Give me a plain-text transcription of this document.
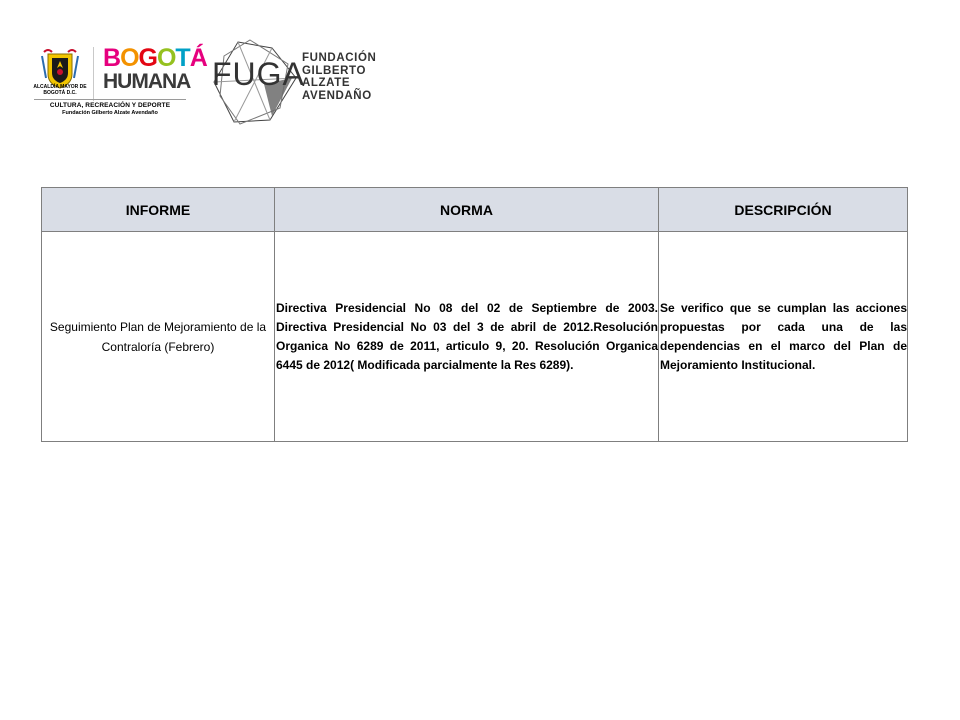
ALCALDÍA MAYOR DE BOGOTÁ D.C.
BOGOTÁ
HUMANA
CULTURA, RECREACIÓN Y DEPORTE
Fundación Gilberto Alzate Avendaño
FUGA
FUNDACIÓN
GILBERTO
ALZATE
AVENDAÑO
INFORME	NORMA	DESCRIPCIÓN

Seguimiento Plan de Mejoramiento de la Contraloría (Febrero)	Directiva Presidencial No 08 del 02 de Septiembre de 2003. Directiva Presidencial No 03 del 3 de abril de 2012.Resolución Organica No 6289 de 2011, articulo 9, 20. Resolución Organica 6445 de 2012( Modificada parcialmente la Res 6289).	Se verifico que se cumplan las acciones propuestas por cada una de las dependencias en el marco del Plan de Mejoramiento Institucional.
